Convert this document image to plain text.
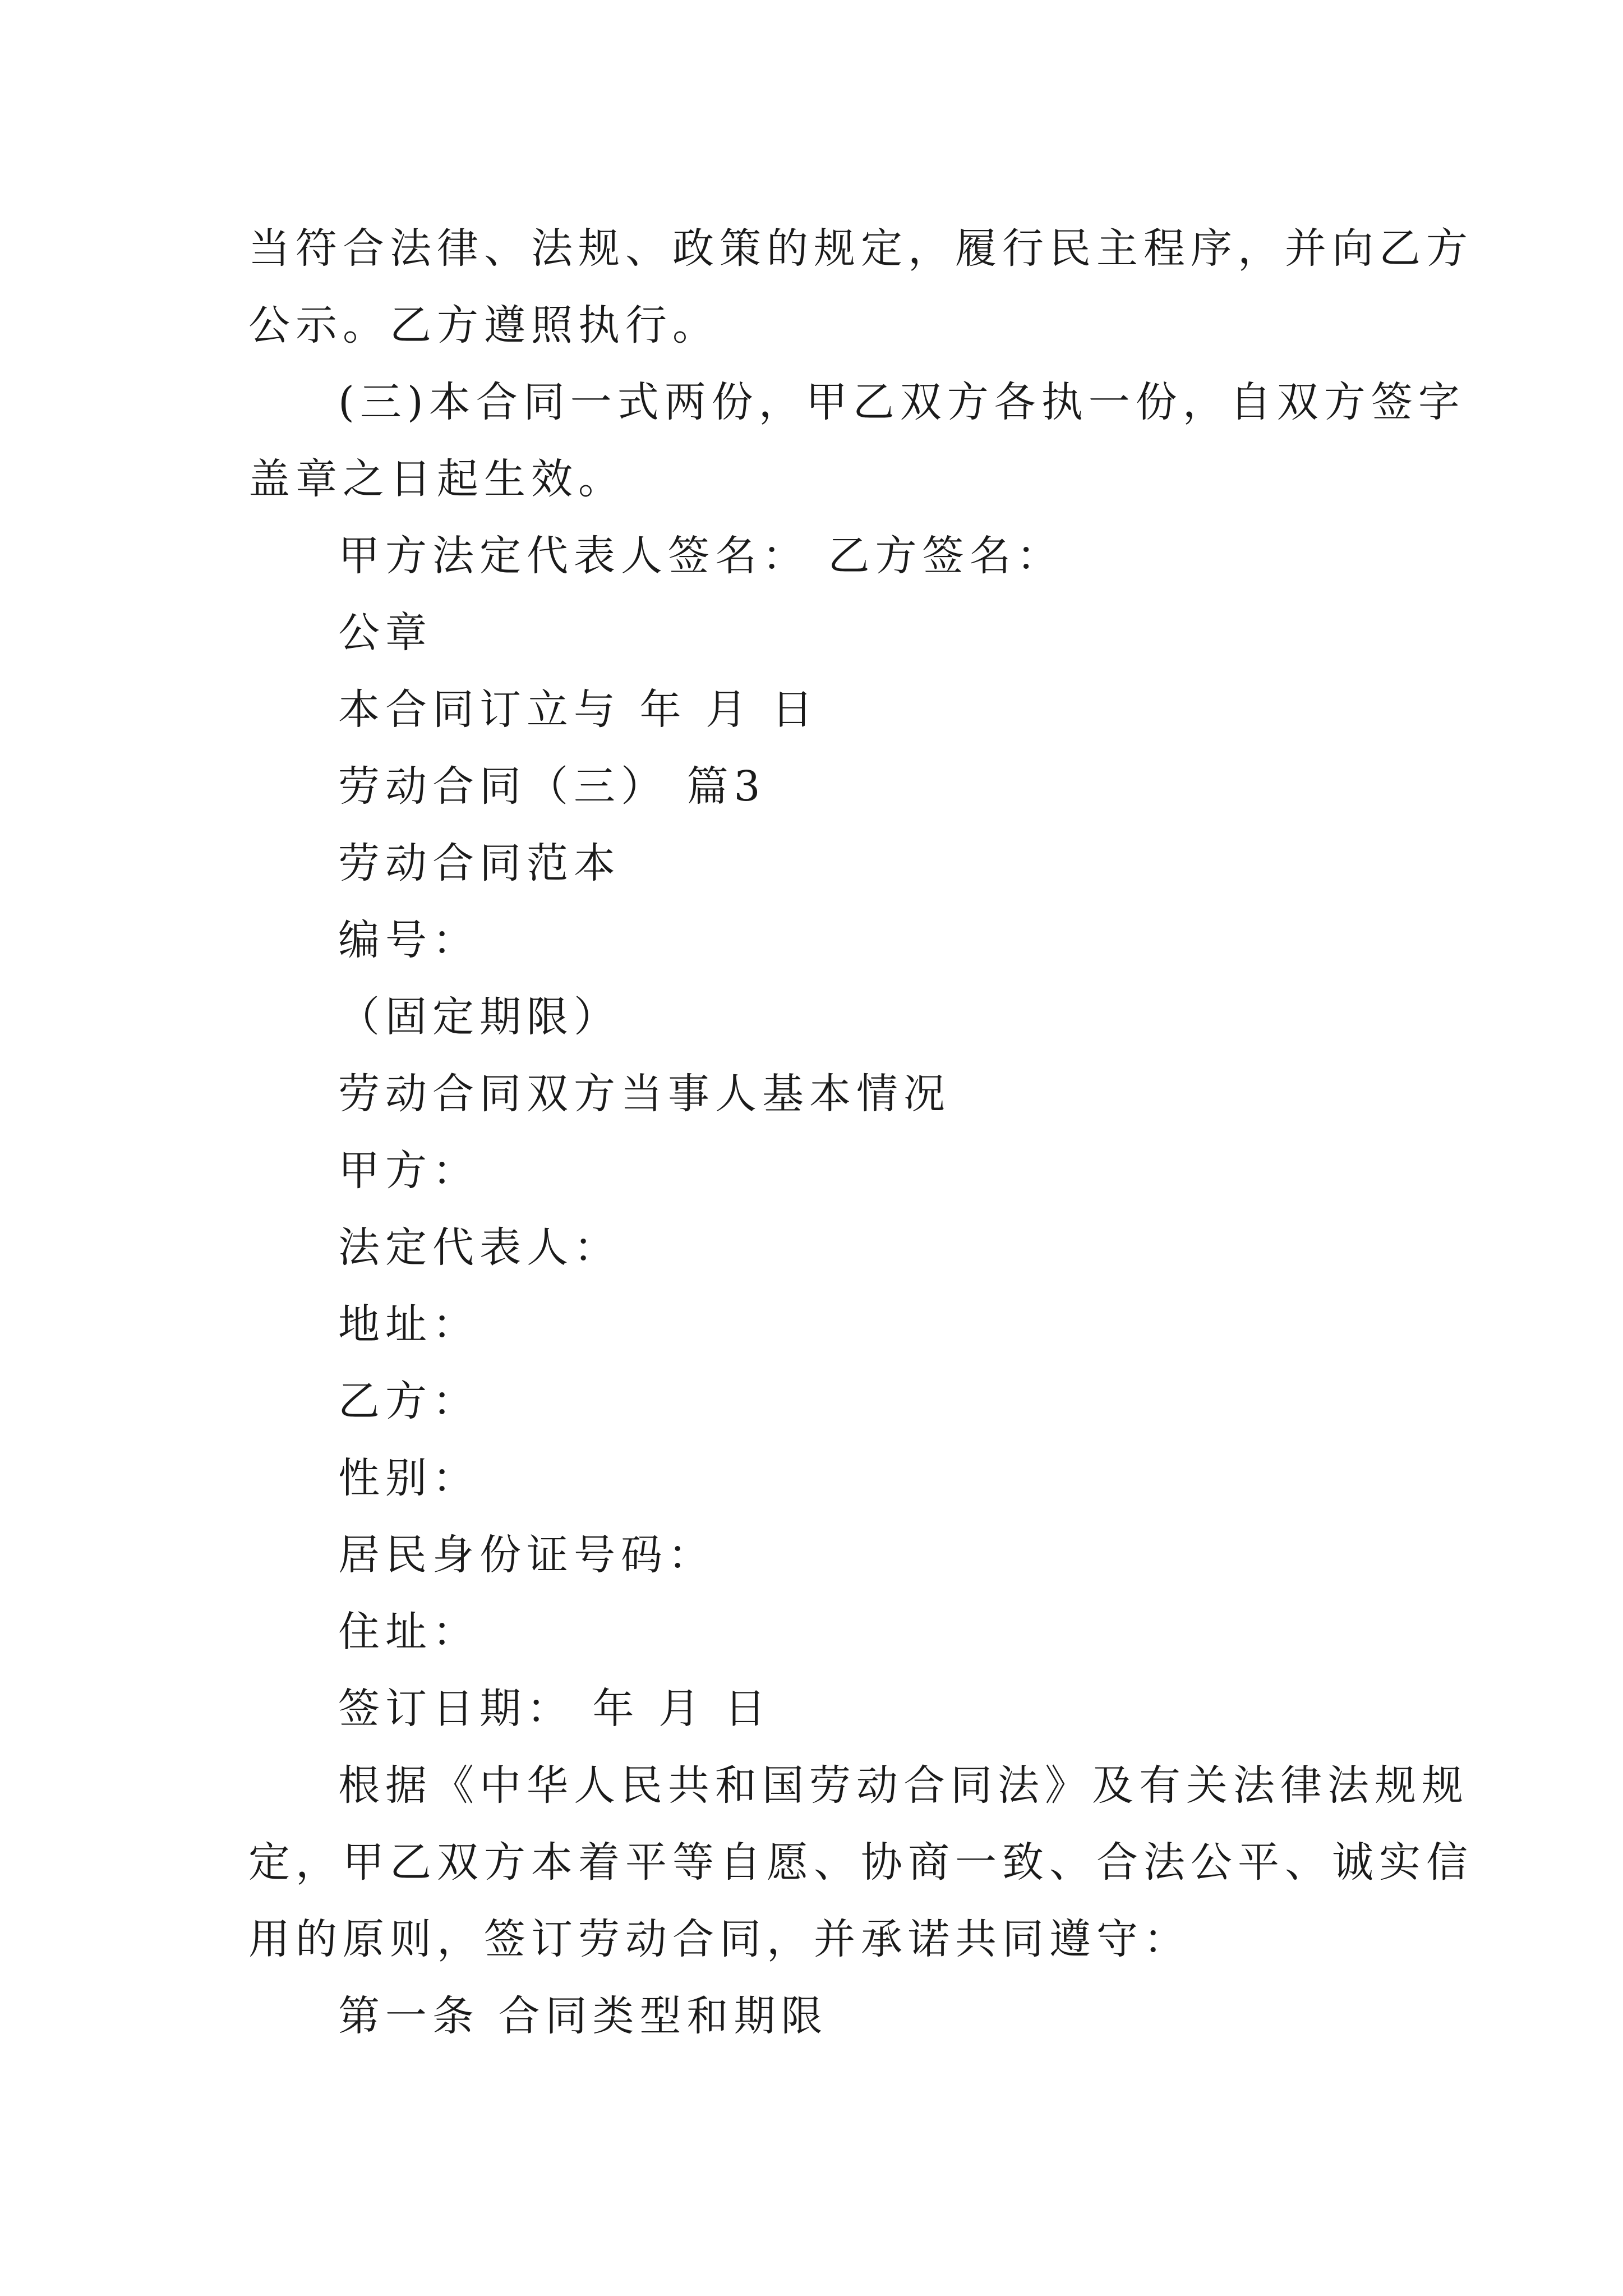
当符合法律、法规、政策的规定，履行民主程序，并向乙方
公示。乙方遵照执行。
(三)本合同一式两份，甲乙双方各执一份，自双方签字
盖章之日起生效。
甲方法定代表人签名： 乙方签名：
公章
本合同订立与 年 月 日
劳动合同（三） 篇3
劳动合同范本
编号：
（固定期限）
劳动合同双方当事人基本情况
甲方：
法定代表人：
地址：
乙方：
性别：
居民身份证号码：
住址：
签订日期： 年 月 日
根据《中华人民共和国劳动合同法》及有关法律法规规
定，甲乙双方本着平等自愿、协商一致、合法公平、诚实信
用的原则，签订劳动合同，并承诺共同遵守：
第一条 合同类型和期限
